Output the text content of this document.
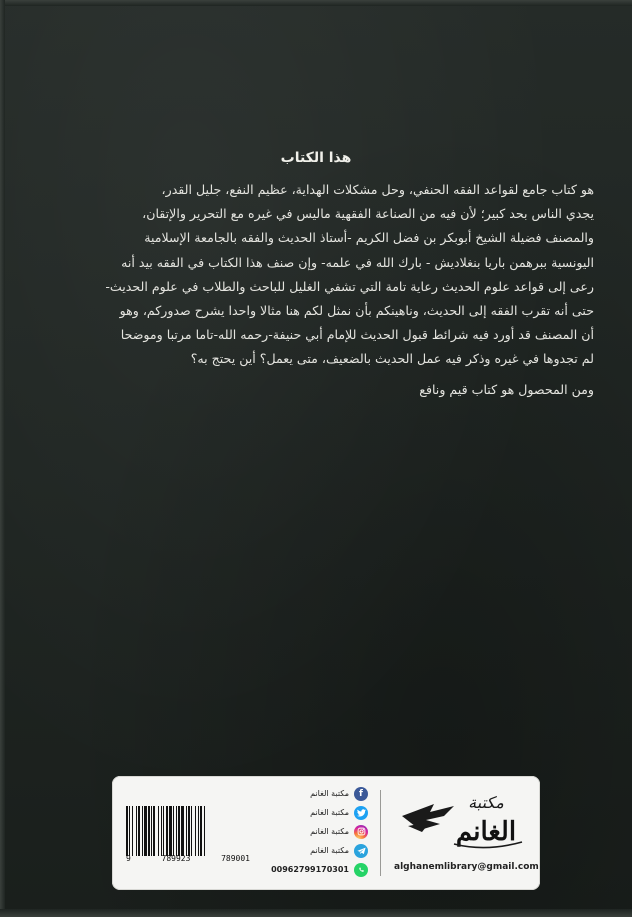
هذا الكتاب

هو كتاب جامع لقواعد الفقه الحنفي، وحل مشكلات الهداية، عظيم النفع، جليل القدر،

يجدي الناس بحد كبير؛ لأن فيه من الصناعة الفقهية ماليس في غيره مع التحرير والإتقان،

والمصنف فضيلة الشيخ أبوبكر بن فضل الكريم -أستاذ الحديث والفقه بالجامعة الإسلامية

اليونسية ببرهمن باريا بنغلاديش - بارك الله في علمه- وإن صنف هذا الكتاب في الفقه بيد أنه

رعى إلى قواعد علوم الحديث رعاية تامة التي تشفي الغليل للباحث والطلاب في علوم الحديث-

حتى أنه تقرب الفقه إلى الحديث، وناهينكم بأن نمثل لكم هنا مثالا واحدا يشرح صدوركم، وهو

أن المصنف قد أورد فيه شرائط قبول الحديث للإمام أبي حنيفة-رحمه الله-تاما مرتبا وموضحا

لم تجدوها في غيره وذكر فيه عمل الحديث بالضعيف، متى يعمل؟ أين يحتج به؟

ومن المحصول هو كتاب قيم ونافع

9	789923	789001
مكتبة الغانم	f
مكتبة الغانم
مكتبة الغانم
مكتبة الغانم
00962799170301
مكتبة
الغانم
alghanemlibrary@gmail.com
